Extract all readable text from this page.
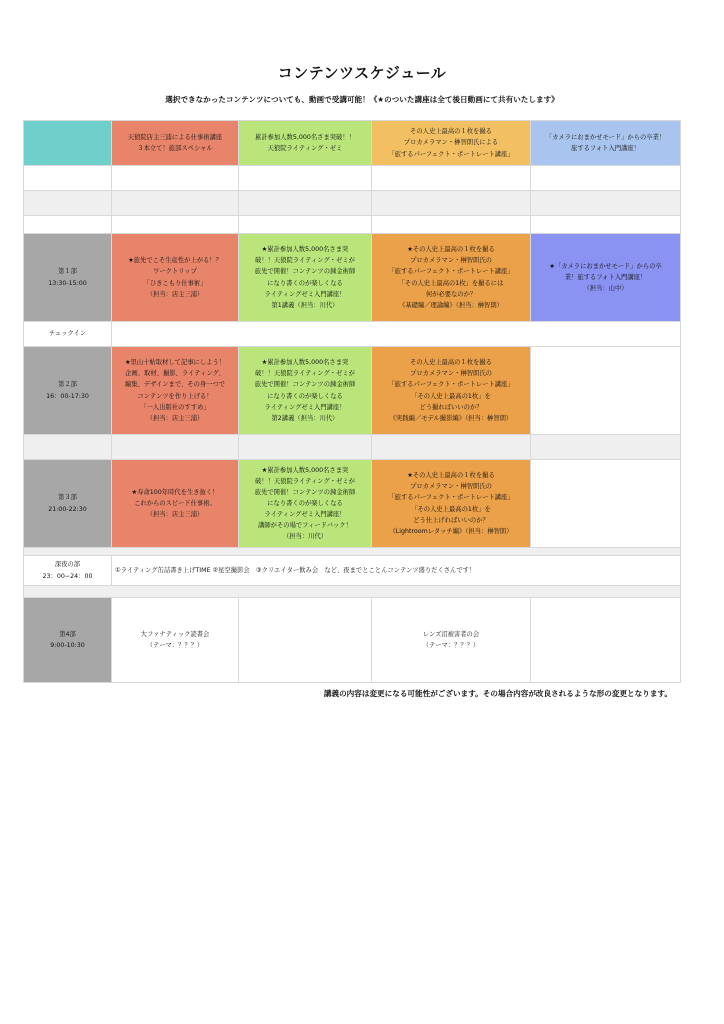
コンテンツスケジュール
選択できなかったコンテンツについても、動画で受講可能！《★のついた講座は全て後日動画にて共有いたします》
天狼院店主三浦による仕事術講座
３本立て！旅部スペシャル
累計参加人数5,000名さま突破！！
天狼院ライティング・ゼミ
その人史上最高の１枚を撮る
プロカメラマン・榊智朗氏による
「旅するパーフェクト・ポートレート講座」
「カメラにおまかせモード」からの卒業！
旅するフォト入門講座！
第１部
13:30-15:00
★旅先でこそ生産性が上がる！？
ワークトリップ
「ひきこもり仕事術」
（担当：店主三浦）
★累計参加人数5,000名さま突
破！！天狼院ライティング・ゼミが
旅先で開催！コンテンツの錬金術師
になり書くのが楽しくなる
ライティングゼミ入門講座！
第1講義（担当：川代）
★その人史上最高の１枚を撮る
プロカメラマン・榊智朗氏の
「旅するパーフェクト・ポートレート講座」
「その人史上最高の1枚」を撮るには
何が必要なのか？
《基礎編／理論編》（担当：榊智朗）
★「カメラにおまかせモード」からの卒
業！旅するフォト入門講座！
（担当：山中）
チェックイン
第２部
16：00-17:30
★里山十帖取材して記事にしよう！
企画、取材、撮影、ライティング、
編集、デザインまで、その身一つで
コンテンツを作り上げる！
「一人出版社のすすめ」
（担当：店主三浦）
★累計参加人数5,000名さま突
破！！天狼院ライティング・ゼミが
旅先で開催！コンテンツの錬金術師
になり書くのが楽しくなる
ライティングゼミ入門講座！
第2講義（担当：川代）
その人史上最高の１枚を撮る
プロカメラマン・榊智朗氏の
「旅するパーフェクト・ポートレート講座」
「その人史上最高の1枚」を
どう撮ればいいのか？
《実践編／モデル撮影編》（担当：榊智朗）
第３部
21:00-22:30
★寿命100年時代を生き抜く！
これからのスピード仕事術。
（担当：店主三浦）
★累計参加人数5,000名さま突
破！！天狼院ライティング・ゼミが
旅先で開催！コンテンツの錬金術師
になり書くのが楽しくなる
ライティングゼミ入門講座！
講師がその場でフィードバック！
（担当：川代）
★その人史上最高の１枚を撮る
プロカメラマン・榊智朗氏の
「旅するパーフェクト・ポートレート講座」
「その人史上最高の1枚」を
どう仕上げればいいのか？
《Lightroomレタッチ編》（担当：榊智朗）
深夜の部
23：00−24：00
①ライティング缶詰書き上げTIME ②星空撮影会　③クリエイター飲み会　など、夜までとことんコンテンツ盛りだくさんです！
第4部
9:00-10:30
大ファナティック読書会
（テーマ：？？？）
レンズ沼被害者の会
（テーマ：？？？）
講義の内容は変更になる可能性がございます。その場合内容が改良されるような形の変更となります。
